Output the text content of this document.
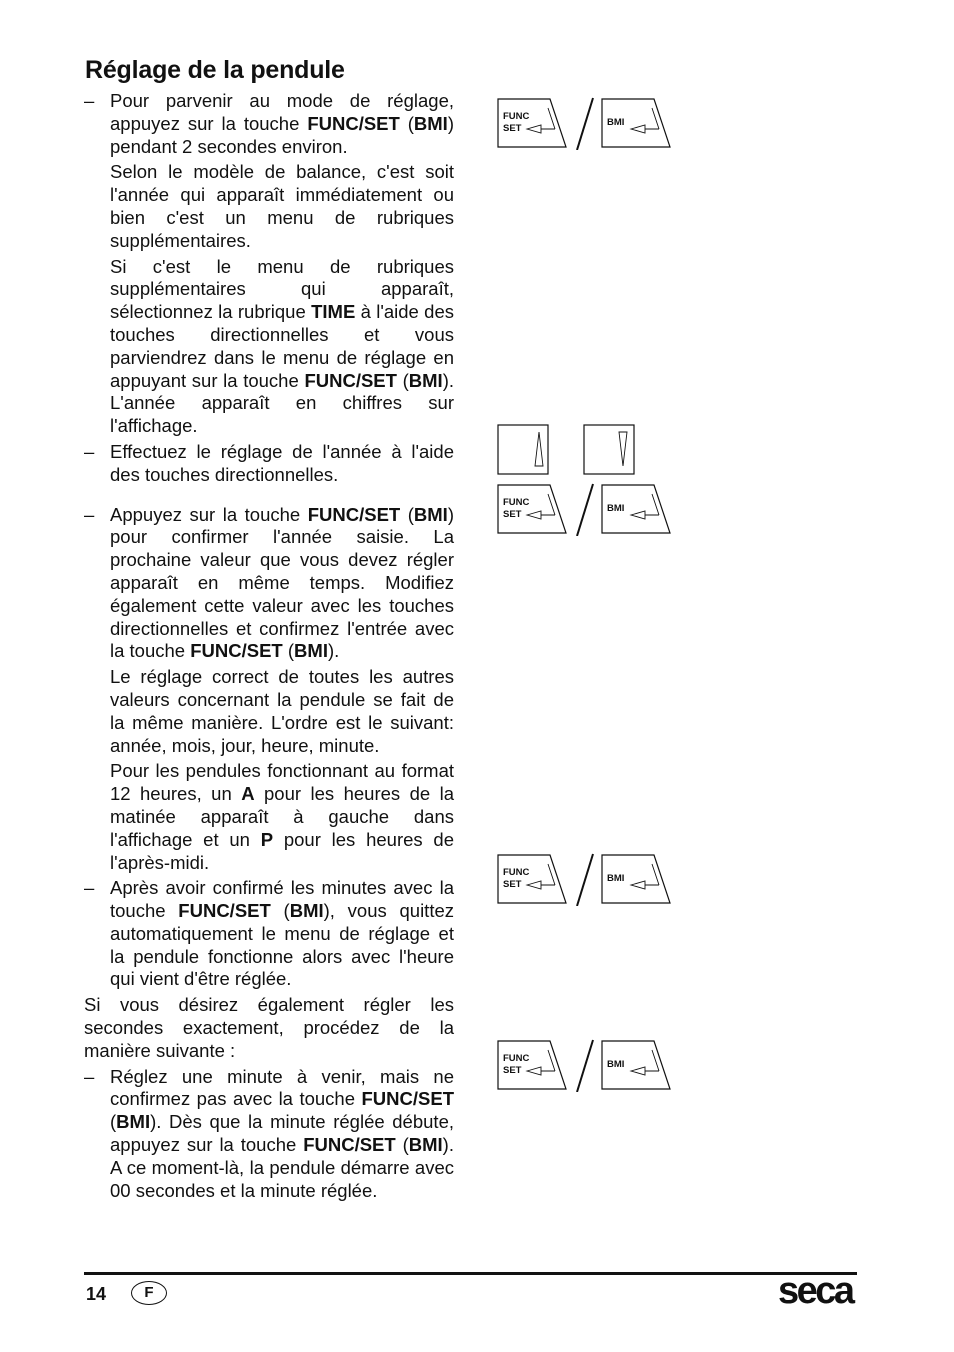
Réglage de la pendule
– Pour parvenir au mode de réglage, appuyez sur la touche FUNC/SET (BMI) pendant 2 secondes environ.
Selon le modèle de balance, c'est soit l'année qui apparaît immédiatement ou bien c'est un menu de rubriques supplémentaires.
Si c'est le menu de rubriques supplémentaires qui apparaît, sélectionnez la rubrique TIME à l'aide des touches directionnelles et vous parviendrez dans le menu de réglage en appuyant sur la touche FUNC/SET (BMI). L'année apparaît en chiffres sur l'affichage.
– Effectuez le réglage de l'année à l'aide des touches directionnelles.
– Appuyez sur la touche FUNC/SET (BMI) pour confirmer l'année saisie. La prochaine valeur que vous devez régler apparaît en même temps. Modifiez également cette valeur avec les touches directionnelles et confirmez l'entrée avec la touche FUNC/SET (BMI).
Le réglage correct de toutes les autres valeurs concernant la pendule se fait de la même manière. L'ordre est le suivant: année, mois, jour, heure, minute.
Pour les pendules fonctionnant au format 12 heures, un A pour les heures de la matinée apparaît à gauche dans l'affichage et un P pour les heures de l'après-midi.
– Après avoir confirmé les minutes avec la touche FUNC/SET (BMI), vous quittez automatiquement le menu de réglage et la pendule fonctionne alors avec l'heure qui vient d'être réglée.
Si vous désirez également régler les secondes exactement, procédez de la manière suivante :
– Réglez une minute à venir, mais ne confirmez pas avec la touche FUNC/SET (BMI). Dès que la minute réglée débute, appuyez sur la touche FUNC/SET (BMI). A ce moment-là, la pendule démarre avec 00 secondes et la minute réglée.
FUNC
SET
BMI
FUNC
SET
BMI
FUNC
SET
BMI
FUNC
SET
BMI
14	F	seca
